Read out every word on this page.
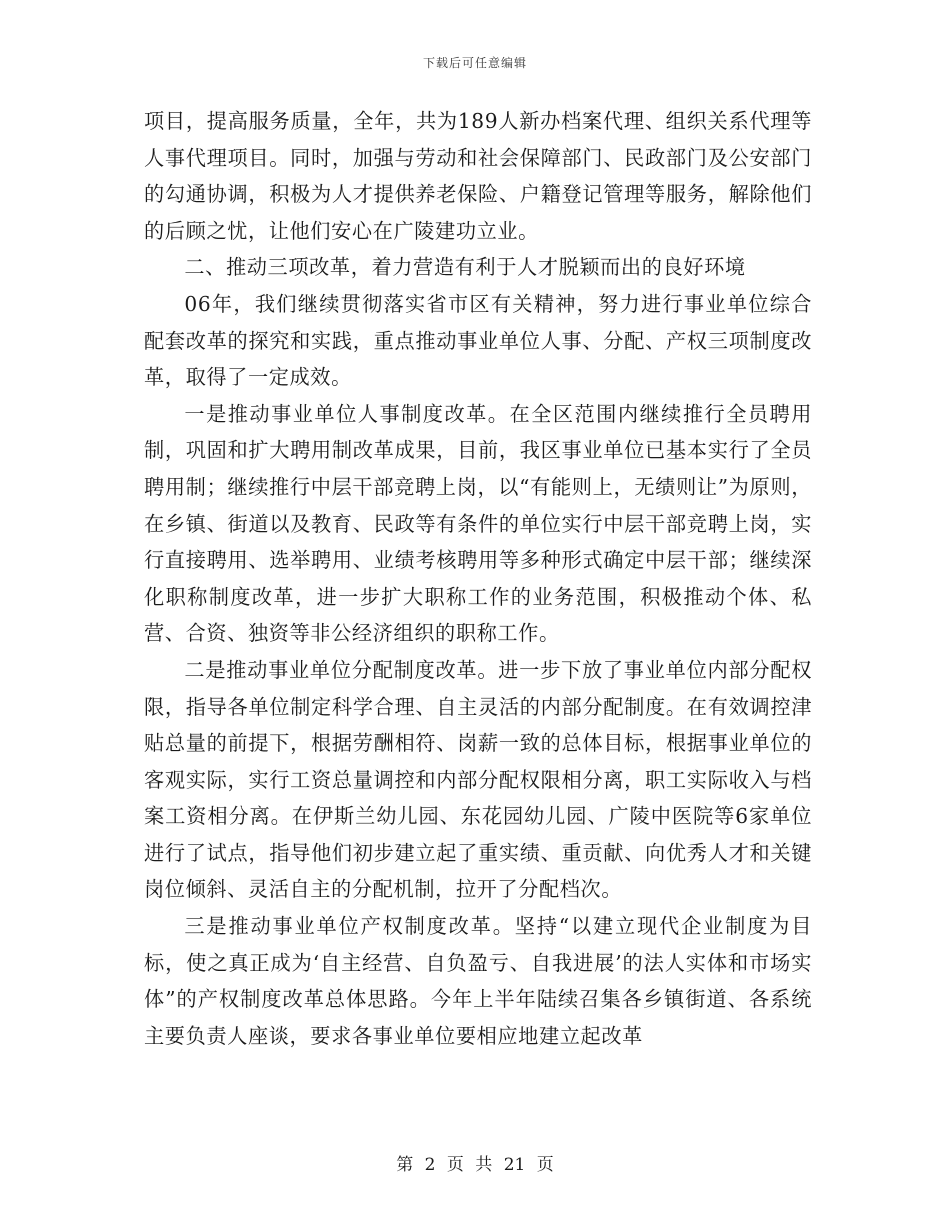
下载后可任意编辑

项目，提高服务质量，全年，共为189人新办档案代理、组织关系代理等人事代理项目。同时，加强与劳动和社会保障部门、民政部门及公安部门的勾通协调，积极为人才提供养老保险、户籍登记管理等服务，解除他们的后顾之忧，让他们安心在广陵建功立业。

二、推动三项改革，着力营造有利于人才脱颖而出的良好环境

06年，我们继续贯彻落实省市区有关精神，努力进行事业单位综合配套改革的探究和实践，重点推动事业单位人事、分配、产权三项制度改革，取得了一定成效。

一是推动事业单位人事制度改革。在全区范围内继续推行全员聘用制，巩固和扩大聘用制改革成果，目前，我区事业单位已基本实行了全员聘用制；继续推行中层干部竞聘上岗，以“有能则上，无绩则让”为原则，在乡镇、街道以及教育、民政等有条件的单位实行中层干部竞聘上岗，实行直接聘用、选举聘用、业绩考核聘用等多种形式确定中层干部；继续深化职称制度改革，进一步扩大职称工作的业务范围，积极推动个体、私营、合资、独资等非公经济组织的职称工作。

二是推动事业单位分配制度改革。进一步下放了事业单位内部分配权限，指导各单位制定科学合理、自主灵活的内部分配制度。在有效调控津贴总量的前提下，根据劳酬相符、岗薪一致的总体目标，根据事业单位的客观实际，实行工资总量调控和内部分配权限相分离，职工实际收入与档案工资相分离。在伊斯兰幼儿园、东花园幼儿园、广陵中医院等6家单位进行了试点，指导他们初步建立起了重实绩、重贡献、向优秀人才和关键岗位倾斜、灵活自主的分配机制，拉开了分配档次。

三是推动事业单位产权制度改革。坚持“以建立现代企业制度为目标，使之真正成为‘自主经营、自负盈亏、自我进展’的法人实体和市场实体”的产权制度改革总体思路。今年上半年陆续召集各乡镇街道、各系统主要负责人座谈，要求各事业单位要相应地建立起改革

第 2 页 共 21 页
